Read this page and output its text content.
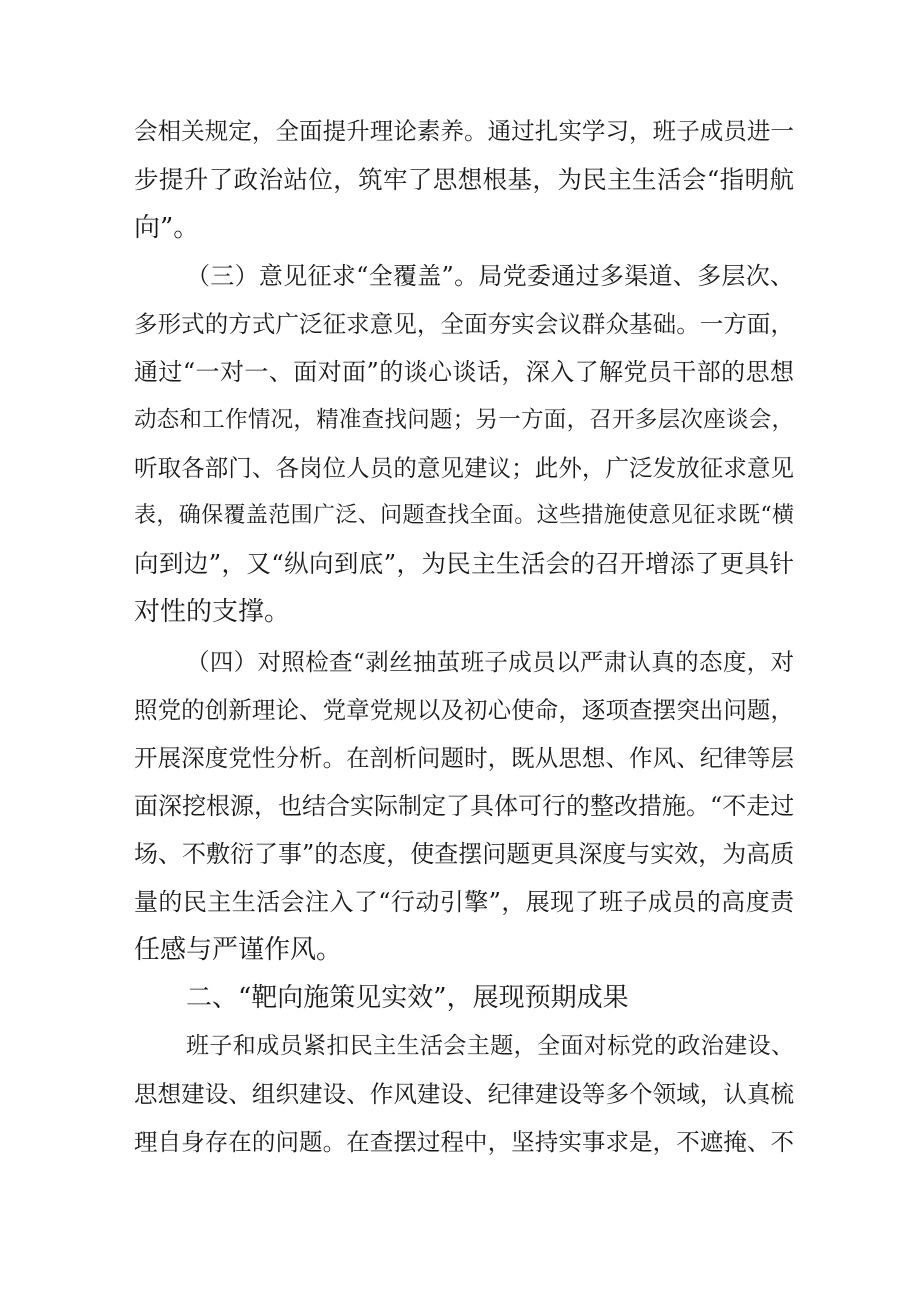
会相关规定，全面提升理论素养。通过扎实学习，班子成员进一
步提升了政治站位，筑牢了思想根基，为民主生活会“指明航
向”。
（三）意见征求“全覆盖”。局党委通过多渠道、多层次、
多形式的方式广泛征求意见，全面夯实会议群众基础。一方面，
通过“一对一、面对面”的谈心谈话，深入了解党员干部的思想
动态和工作情况，精准查找问题；另一方面，召开多层次座谈会，
听取各部门、各岗位人员的意见建议；此外，广泛发放征求意见
表，确保覆盖范围广泛、问题查找全面。这些措施使意见征求既“横
向到边”，又“纵向到底”，为民主生活会的召开增添了更具针
对性的支撑。
（四）对照检查“剥丝抽茧班子成员以严肃认真的态度，对
照党的创新理论、党章党规以及初心使命，逐项查摆突出问题，
开展深度党性分析。在剖析问题时，既从思想、作风、纪律等层
面深挖根源，也结合实际制定了具体可行的整改措施。“不走过
场、不敷衍了事”的态度，使查摆问题更具深度与实效，为高质
量的民主生活会注入了“行动引擎”，展现了班子成员的高度责
任感与严谨作风。
二、“靶向施策见实效”，展现预期成果
班子和成员紧扣民主生活会主题，全面对标党的政治建设、
思想建设、组织建设、作风建设、纪律建设等多个领域，认真梳
理自身存在的问题。在查摆过程中，坚持实事求是，不遮掩、不
